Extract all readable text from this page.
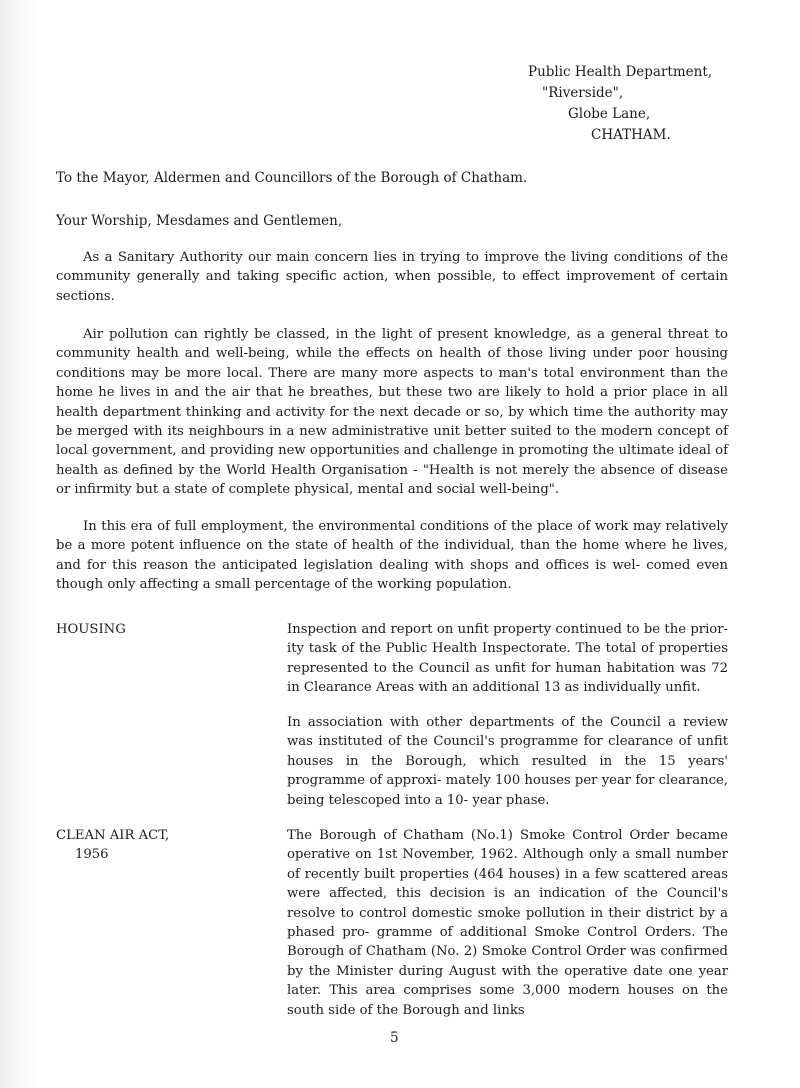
Public Health Department,
"Riverside",
Globe Lane,
CHATHAM.
To the Mayor, Aldermen and Councillors of the Borough of Chatham.
Your Worship, Mesdames and Gentlemen,

As a Sanitary Authority our main concern lies in trying to improve the living conditions of the community generally and taking specific action, when possible, to effect improvement of certain sections.

Air pollution can rightly be classed, in the light of present knowledge, as a general threat to community health and well-being, while the effects on health of those living under poor housing conditions may be more local. There are many more aspects to man's total environment than the home he lives in and the air that he breathes, but these two are likely to hold a prior place in all health department thinking and activity for the next decade or so, by which time the authority may be merged with its neighbours in a new administrative unit better suited to the modern concept of local government, and providing new opportunities and challenge in promoting the ultimate ideal of health as defined by the World Health Organisation - "Health is not merely the absence of disease or infirmity but a state of complete physical, mental and social well-being".

In this era of full employment, the environmental conditions of the place of work may relatively be a more potent influence on the state of health of the individual, than the home where he lives, and for this reason the anticipated legislation dealing with shops and offices is wel- comed even though only affecting a small percentage of the working population.

HOUSING	Inspection and report on unfit property continued to be the prior- ity task of the Public Health Inspectorate. The total of properties represented to the Council as unfit for human habitation was 72 in Clearance Areas with an additional 13 as individually unfit.

In association with other departments of the Council a review was instituted of the Council's programme for clearance of unfit houses in the Borough, which resulted in the 15 years' programme of approxi- mately 100 houses per year for clearance, being telescoped into a 10- year phase.

CLEAN AIR ACT,
1956

The Borough of Chatham (No.1) Smoke Control Order became operative on 1st November, 1962. Although only a small number of recently built properties (464 houses) in a few scattered areas were affected, this decision is an indication of the Council's resolve to control domestic smoke pollution in their district by a phased pro- gramme of additional Smoke Control Orders. The Borough of Chatham (No. 2) Smoke Control Order was confirmed by the Minister during August with the operative date one year later. This area comprises some 3,000 modern houses on the south side of the Borough and links

5
